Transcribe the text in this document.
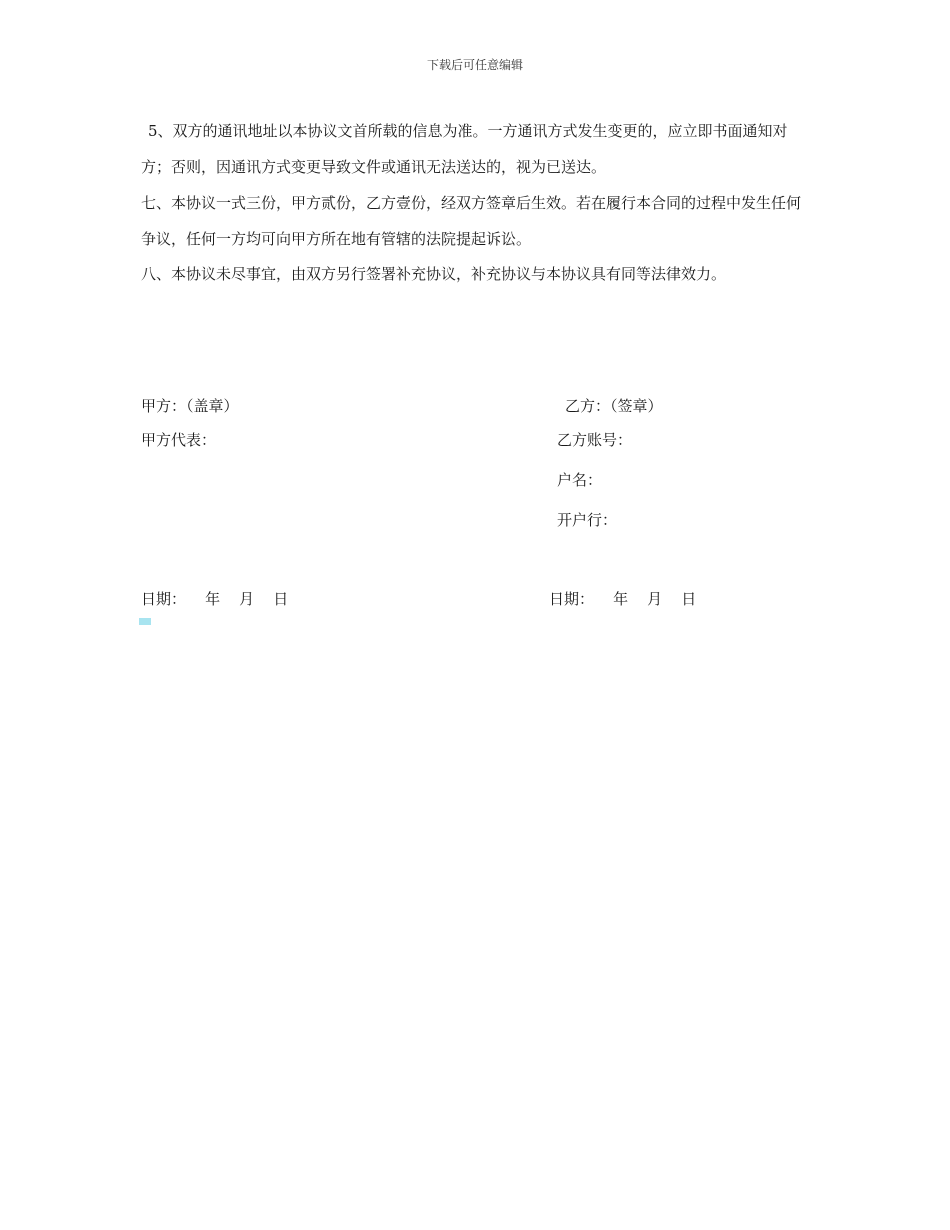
下载后可任意编辑

5、双方的通讯地址以本协议文首所载的信息为准。一方通讯方式发生变更的，应立即书面通知对方；否则，因通讯方式变更导致文件或通讯无法送达的，视为已送达。

七、本协议一式三份，甲方贰份，乙方壹份，经双方签章后生效。若在履行本合同的过程中发生任何争议，任何一方均可向甲方所在地有管辖的法院提起诉讼。

八、本协议未尽事宜，由双方另行签署补充协议，补充协议与本协议具有同等法律效力。

甲方：（盖章）
甲方代表：
日期：    年    月    日
乙方：（签章）
乙方账号：
户名：
开户行：
日期：    年    月    日
